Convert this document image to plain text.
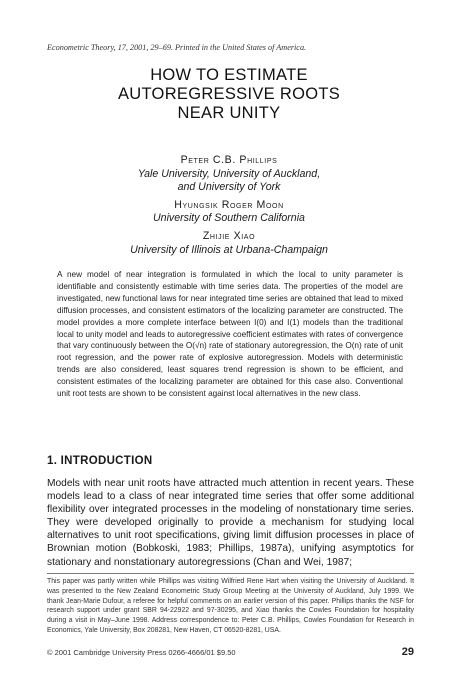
Econometric Theory, 17, 2001, 29–69. Printed in the United States of America.
HOW TO ESTIMATE
AUTOREGRESSIVE ROOTS
NEAR UNITY
Peter C.B. Phillips
Yale University, University of Auckland,
and University of York
Hyungsik Roger Moon
University of Southern California
Zhijie Xiao
University of Illinois at Urbana-Champaign
A new model of near integration is formulated in which the local to unity parameter is identifiable and consistently estimable with time series data. The properties of the model are investigated, new functional laws for near integrated time series are obtained that lead to mixed diffusion processes, and consistent estimators of the localizing parameter are constructed. The model provides a more complete interface between I(0) and I(1) models than the traditional local to unity model and leads to autoregressive coefficient estimates with rates of convergence that vary continuously between the O(√n) rate of stationary autoregression, the O(n) rate of unit root regression, and the power rate of explosive autoregression. Models with deterministic trends are also considered, least squares trend regression is shown to be efficient, and consistent estimates of the localizing parameter are obtained for this case also. Conventional unit root tests are shown to be consistent against local alternatives in the new class.
1. INTRODUCTION
Models with near unit roots have attracted much attention in recent years. These models lead to a class of near integrated time series that offer some additional flexibility over integrated processes in the modeling of nonstationary time series. They were developed originally to provide a mechanism for studying local alternatives to unit root specifications, giving limit diffusion processes in place of Brownian motion (Bobkoski, 1983; Phillips, 1987a), unifying asymptotics for stationary and nonstationary autoregressions (Chan and Wei, 1987;
This paper was partly written while Phillips was visiting Wilfried Rene Hart when visiting the University of Auckland. It was presented to the New Zealand Econometric Study Group Meeting at the University of Auckland, July 1999. We thank Jean-Marie Dufour, a referee for helpful comments on an earlier version of this paper. Phillips thanks the NSF for research support under grant SBR 94-22922 and 97-30295, and Xiao thanks the Cowles Foundation for hospitality during a visit in May–June 1998. Address correspondence to: Peter C.B. Phillips, Cowles Foundation for Research in Economics, Yale University, Box 208281, New Haven, CT 06520-8281, USA.
© 2001 Cambridge University Press 0266-4666/01 $9.50	29
